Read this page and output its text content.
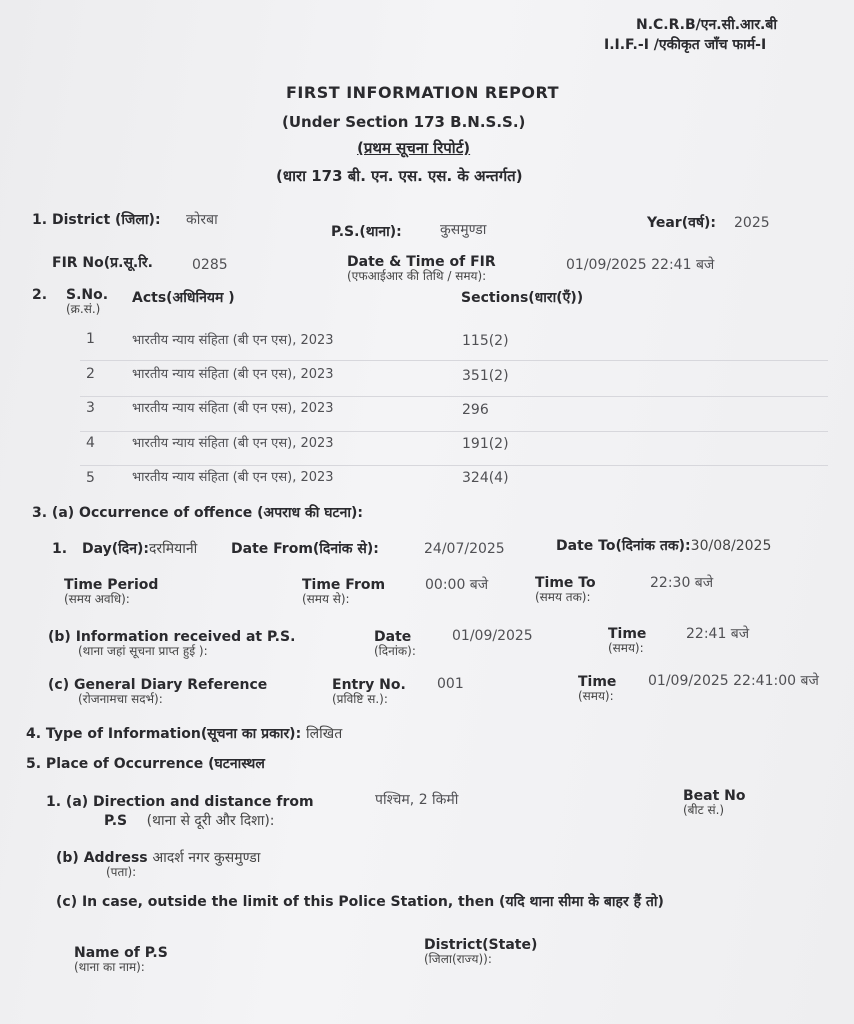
N.C.R.B/एन.सी.आर.बी
I.I.F.-I /एकीकृत जाँच फार्म-I
FIRST INFORMATION REPORT
(Under Section 173 B.N.S.S.)
(प्रथम सूचना रिपोर्ट)
(धारा 173 बी. एन. एस. एस. के अन्तर्गत)
1. District (जिला): कोरबा
P.S.(थाना):	कुसमुण्डा	Year(वर्ष): 2025
FIR No(प्र.सू.रि.	0285	Date & Time of FIR
(एफआईआर की तिथि / समय):
01/09/2025 22:41 बजे
2. S.No.
(क्र.सं.)
Acts(अधिनियम )	Sections(धारा(एँ))
1	भारतीय न्याय संहिता (बी एन एस), 2023	115(2)
2	भारतीय न्याय संहिता (बी एन एस), 2023	351(2)
3	भारतीय न्याय संहिता (बी एन एस), 2023	296
4	भारतीय न्याय संहिता (बी एन एस), 2023	191(2)
5	भारतीय न्याय संहिता (बी एन एस), 2023	324(4)
3. (a) Occurrence of offence (अपराध की घटना):
1. Day(दिन):दरमियानी Date From(दिनांक से):	24/07/2025	Date To(दिनांक तक):30/08/2025
Time Period
(समय अवधि):
Time From
(समय से):
00:00 बजे	Time To
(समय तक):
22:30 बजे
(b) Information received at P.S.
(थाना जहां सूचना प्राप्त हुई ):
Date
(दिनांक):
01/09/2025	Time
(समय):
22:41 बजे
(c) General Diary Reference
(रोजनामचा सदर्भ):
Entry No.
(प्रविष्टि स.):
001	Time
(समय):
01/09/2025 22:41:00 बजे
4. Type of Information(सूचना का प्रकार): लिखित
5. Place of Occurrence (घटनास्थल
1. (a) Direction and distance from	पश्चिम, 2 किमी
P.S (थाना से दूरी और दिशा):
Beat No
(बीट सं.)
(b) Address आदर्श नगर कुसमुण्डा
(पता):
(c) In case, outside the limit of this Police Station, then (यदि थाना सीमा के बाहर हैं तो)
Name of P.S
(थाना का नाम):
District(State)
(जिला(राज्य)):
